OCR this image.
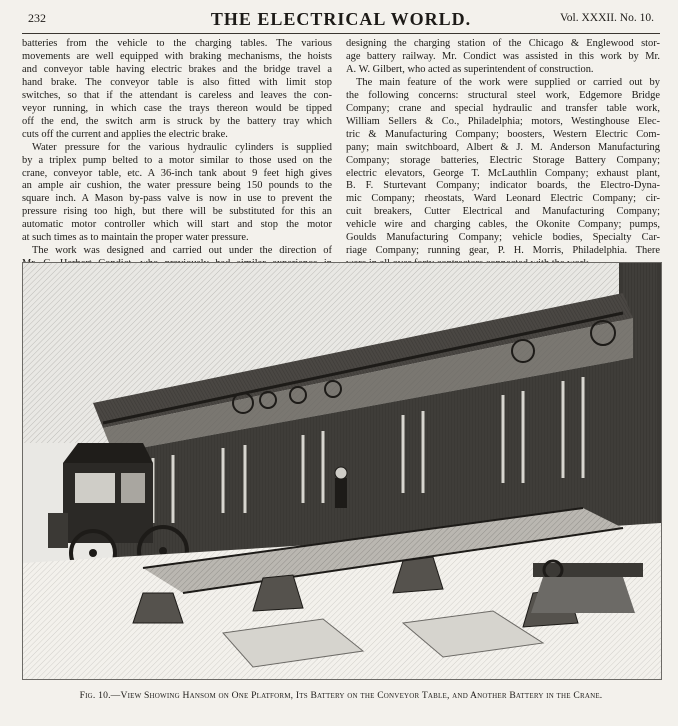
232	THE ELECTRICAL WORLD.	Vol. XXXII. No. 10.
batteries from the vehicle to the charging tables. The various
movements are well equipped with braking mechanisms, the hoists
and conveyor table having electric brakes and the bridge travel a
hand brake. The conveyor table is also fitted with limit stop
switches, so that if the attendant is careless and leaves the con-
veyor running, in which case the trays thereon would be tipped
off the end, the switch arm is struck by the battery tray which
cuts off the current and applies the electric brake.
Water pressure for the various hydraulic cylinders is supplied
by a triplex pump belted to a motor similar to those used on the
crane, conveyor table, etc. A 36-inch tank about 9 feet high gives
an ample air cushion, the water pressure being 150 pounds to the
square inch. A Mason by-pass valve is now in use to prevent the
pressure rising too high, but there will be substituted for this an
automatic motor controller which will start and stop the motor
at such times as to maintain the proper water pressure.
The work was designed and carried out under the direction of
designing the charging station of the Chicago & Englewood stor-
age battery railway. Mr. Condict was assisted in this work by Mr.
A. W. Gilbert, who acted as superintendent of construction.
The main feature of the work were supplied or carried out by
the following concerns: structural steel work, Edgemore Bridge
Company; crane and special hydraulic and transfer table work,
William Sellers & Co., Philadelphia; motors, Westinghouse Elec-
tric & Manufacturing Company; boosters, Western Electric Com-
pany; main switchboard, Albert & J. M. Anderson Manufacturing
Company; storage batteries, Electric Storage Battery Company;
electric elevators, George T. McLauthlin Company; exhaust plant,
B. F. Sturtevant Company; indicator boards, the Electro-Dyna-
mic Company; rheostats, Ward Leonard Electric Company; cir-
cuit breakers, Cutter Electrical and Manufacturing Company;
vehicle wire and charging cables, the Okonite Company; pumps,
Goulds Manufacturing Company; vehicle bodies, Specialty Car-
riage Company; running gear, P. H. Morris, Philadelphia. There
Fig. 10.—View Showing Hansom on One Platform, Its Battery on the Conveyor Table, and Another Battery in the Crane.
